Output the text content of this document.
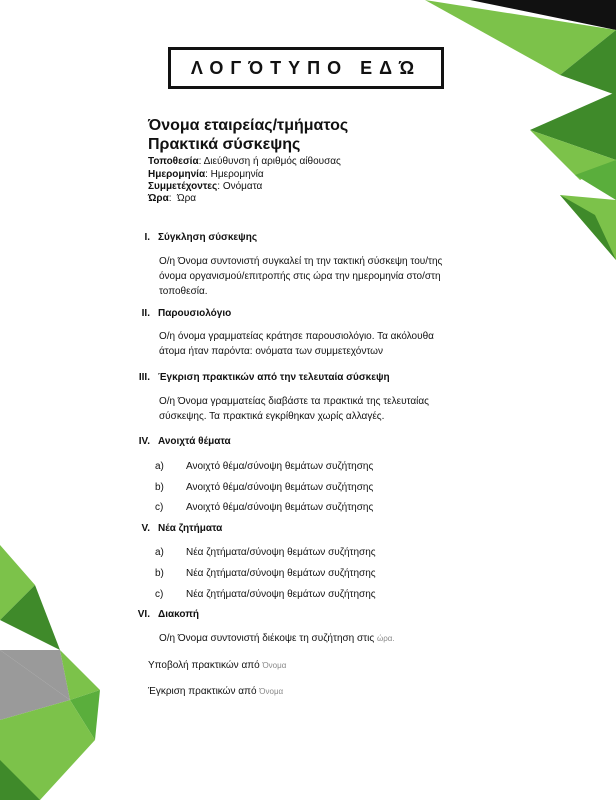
ΛΟΓΌΤΥΠΟ ΕΔΏ
Όνομα εταιρείας/τμήματος
Πρακτικά σύσκεψης
Τοποθεσία: Διεύθυνση ή αριθμός αίθουσας
Ημερομηνία: Ημερομηνία
Συμμετέχοντες: Ονόματα
Ώρα:  Ώρα
I. Σύγκληση σύσκεψης
Ο/η Όνομα συντονιστή συγκαλεί τη την τακτική σύσκεψη του/της
όνομα οργανισμού/επιτροπής στις ώρα την ημερομηνία στο/στη
τοποθεσία.
II. Παρουσιολόγιο
Ο/η όνομα γραμματείας κράτησε παρουσιολόγιο. Τα ακόλουθα
άτομα ήταν παρόντα: ονόματα των συμμετεχόντων
III. Έγκριση πρακτικών από την τελευταία σύσκεψη
Ο/η Όνομα γραμματείας διαβάστε τα πρακτικά της τελευταίας
σύσκεψης. Τα πρακτικά εγκρίθηκαν χωρίς αλλαγές.
IV. Ανοιχτά θέματα
a) Ανοιχτό θέμα/σύνοψη θεμάτων συζήτησης
b) Ανοιχτό θέμα/σύνοψη θεμάτων συζήτησης
c) Ανοιχτό θέμα/σύνοψη θεμάτων συζήτησης
V. Νέα ζητήματα
a) Νέα ζητήματα/σύνοψη θεμάτων συζήτησης
b) Νέα ζητήματα/σύνοψη θεμάτων συζήτησης
c) Νέα ζητήματα/σύνοψη θεμάτων συζήτησης
VI. Διακοπή
Ο/η Όνομα συντονιστή διέκοψε τη συζήτηση στις ώρα.
Υποβολή πρακτικών από Όνομα
Έγκριση πρακτικών από Όνομα
